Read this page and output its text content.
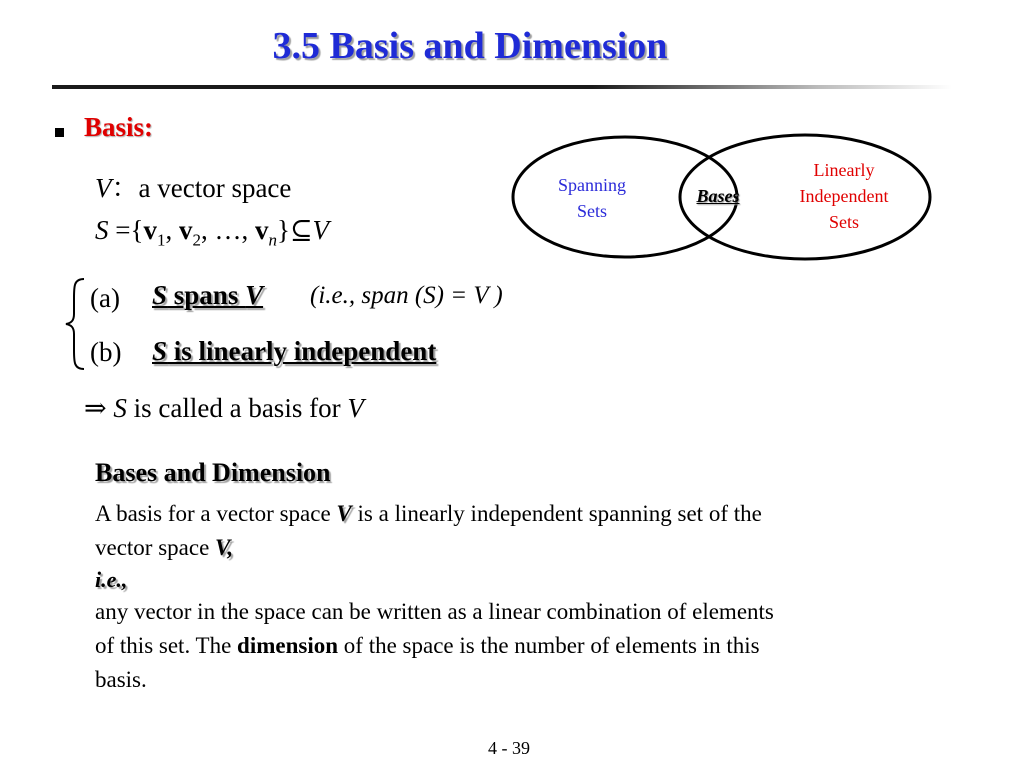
3.5 Basis and Dimension
Basis:
V：a vector space
$S =\{v_1$, $v_2$, …, $v_n\}⊆V$
Spanning
Sets
Bases
Linearly
Independent
Sets
(a) S spans V (i.e., span (S) = V )
(b) S is linearly independent
⇒ S is called a basis for V
Bases and Dimension
A basis for a vector space V is a linearly independent spanning set of the
vector space V,
i.e.,
any vector in the space can be written as a linear combination of elements
of this set. The dimension of the space is the number of elements in this
basis.
4 - 39
